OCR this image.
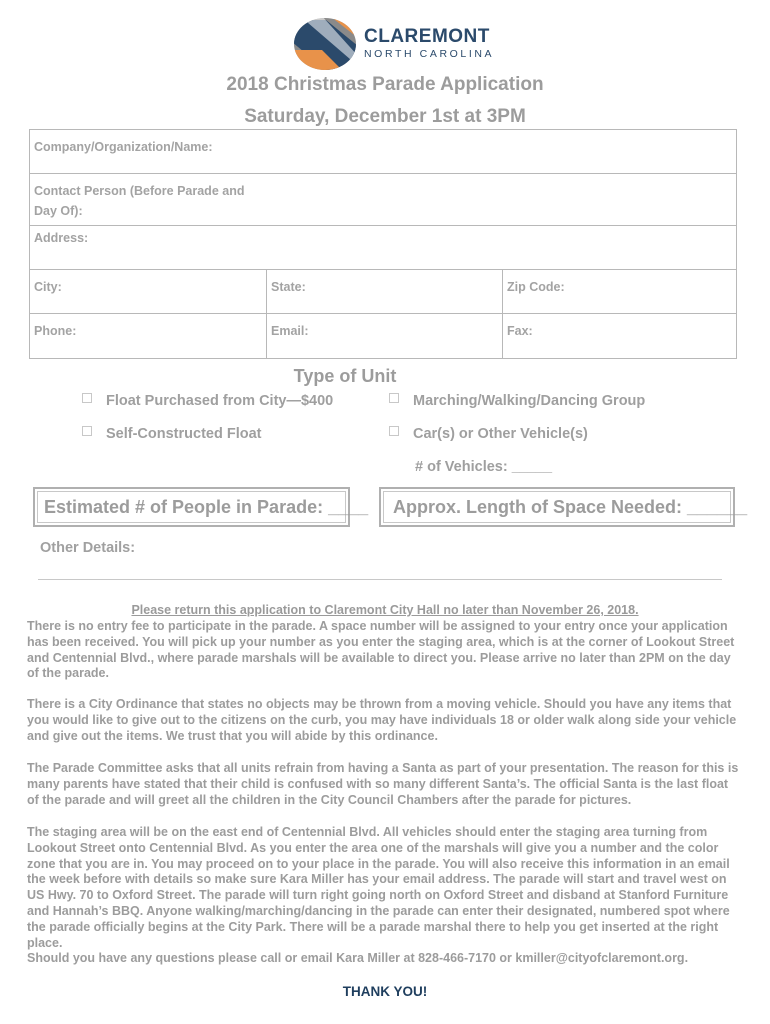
CLAREMONT
NORTH CAROLINA
2018 Christmas Parade Application
Saturday, December 1st at 3PM
Company/Organization/Name:
Contact Person (Before Parade and Day Of):
Address:
City:	State:	Zip Code:
Phone:	Email:	Fax:
Type of Unit
Float Purchased from City—$400	Marching/Walking/Dancing Group
Self-Constructed Float	Car(s) or Other Vehicle(s)
# of Vehicles: _____
Estimated # of People in Parade: ____ Approx. Length of Space Needed: ______
Other Details:
Please return this application to Claremont City Hall no later than November 26, 2018.
There is no entry fee to participate in the parade. A space number will be assigned to your entry once your application has been received. You will pick up your number as you enter the staging area, which is at the corner of Lookout Street and Centennial Blvd., where parade marshals will be available to direct you. Please arrive no later than 2PM on the day of the parade.
There is a City Ordinance that states no objects may be thrown from a moving vehicle. Should you have any items that you would like to give out to the citizens on the curb, you may have individuals 18 or older walk along side your vehicle and give out the items. We trust that you will abide by this ordinance.
The Parade Committee asks that all units refrain from having a Santa as part of your presentation. The reason for this is many parents have stated that their child is confused with so many different Santa’s. The official Santa is the last float of the parade and will greet all the children in the City Council Chambers after the parade for pictures.
The staging area will be on the east end of Centennial Blvd. All vehicles should enter the staging area turning from Lookout Street onto Centennial Blvd. As you enter the area one of the marshals will give you a number and the color zone that you are in. You may proceed on to your place in the parade. You will also receive this information in an email the week before with details so make sure Kara Miller has your email address. The parade will start and travel west on US Hwy. 70 to Oxford Street. The parade will turn right going north on Oxford Street and disband at Stanford Furniture and Hannah’s BBQ. Anyone walking/marching/dancing in the parade can enter their designated, numbered spot where the parade officially begins at the City Park. There will be a parade marshal there to help you get inserted at the right place.
Should you have any questions please call or email Kara Miller at 828-466-7170 or kmiller@cityofclaremont.org.
THANK YOU!
